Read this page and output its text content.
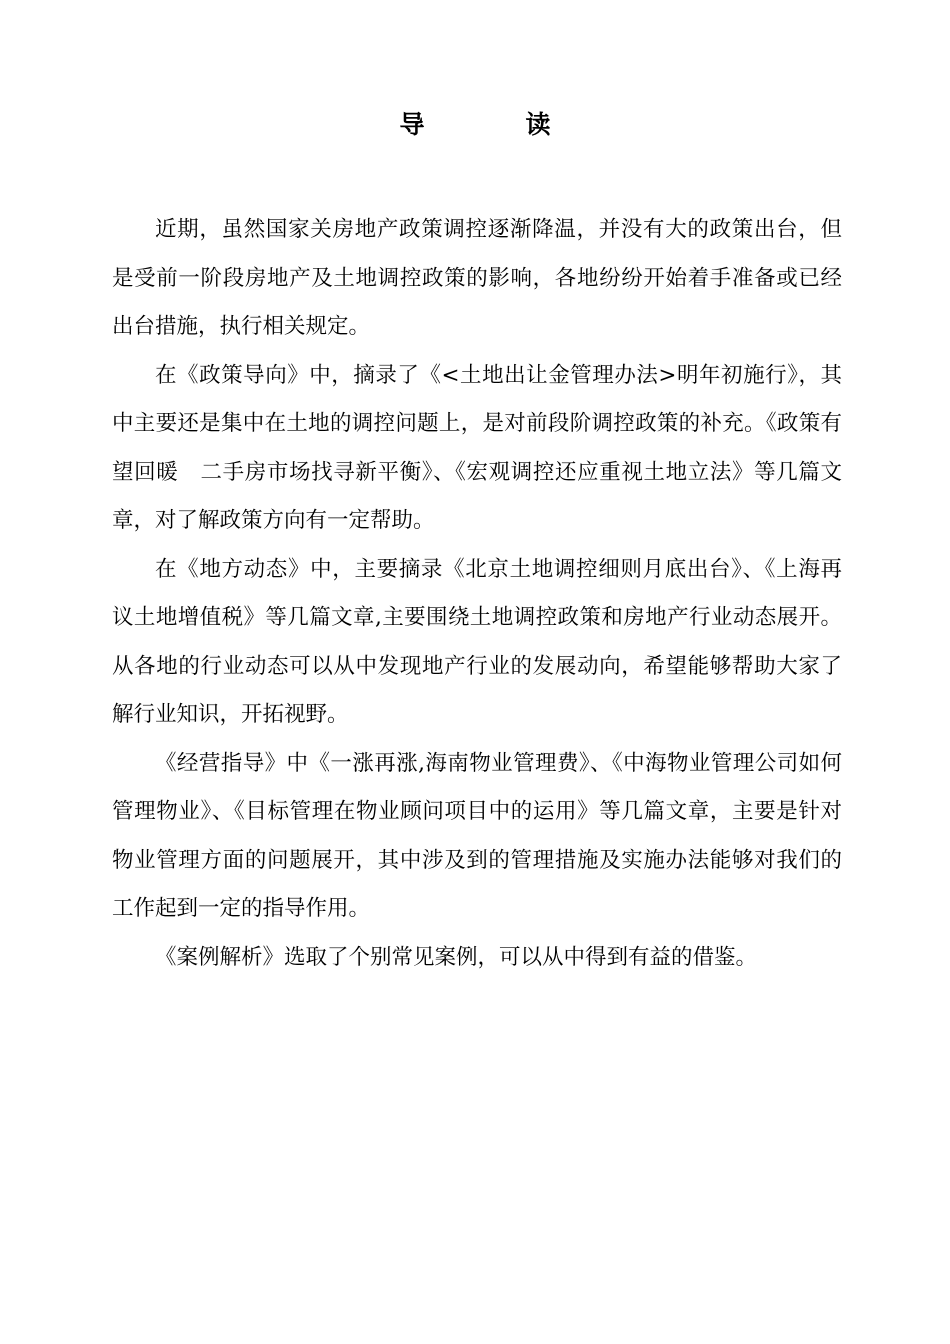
导　读

近期，虽然国家关房地产政策调控逐渐降温，并没有大的政策出台，但是受前一阶段房地产及土地调控政策的影响，各地纷纷开始着手准备或已经出台措施，执行相关规定。

在《政策导向》中，摘录了《<土地出让金管理办法>明年初施行》，其中主要还是集中在土地的调控问题上，是对前段阶调控政策的补充。《政策有望回暖　二手房市场找寻新平衡》、《宏观调控还应重视土地立法》等几篇文章，对了解政策方向有一定帮助。

在《地方动态》中，主要摘录《北京土地调控细则月底出台》、《上海再议土地增值税》等几篇文章,主要围绕土地调控政策和房地产行业动态展开。从各地的行业动态可以从中发现地产行业的发展动向，希望能够帮助大家了解行业知识，开拓视野。

《经营指导》中《一涨再涨,海南物业管理费》、《中海物业管理公司如何管理物业》、《目标管理在物业顾问项目中的运用》等几篇文章，主要是针对物业管理方面的问题展开，其中涉及到的管理措施及实施办法能够对我们的工作起到一定的指导作用。

《案例解析》选取了个别常见案例，可以从中得到有益的借鉴。
